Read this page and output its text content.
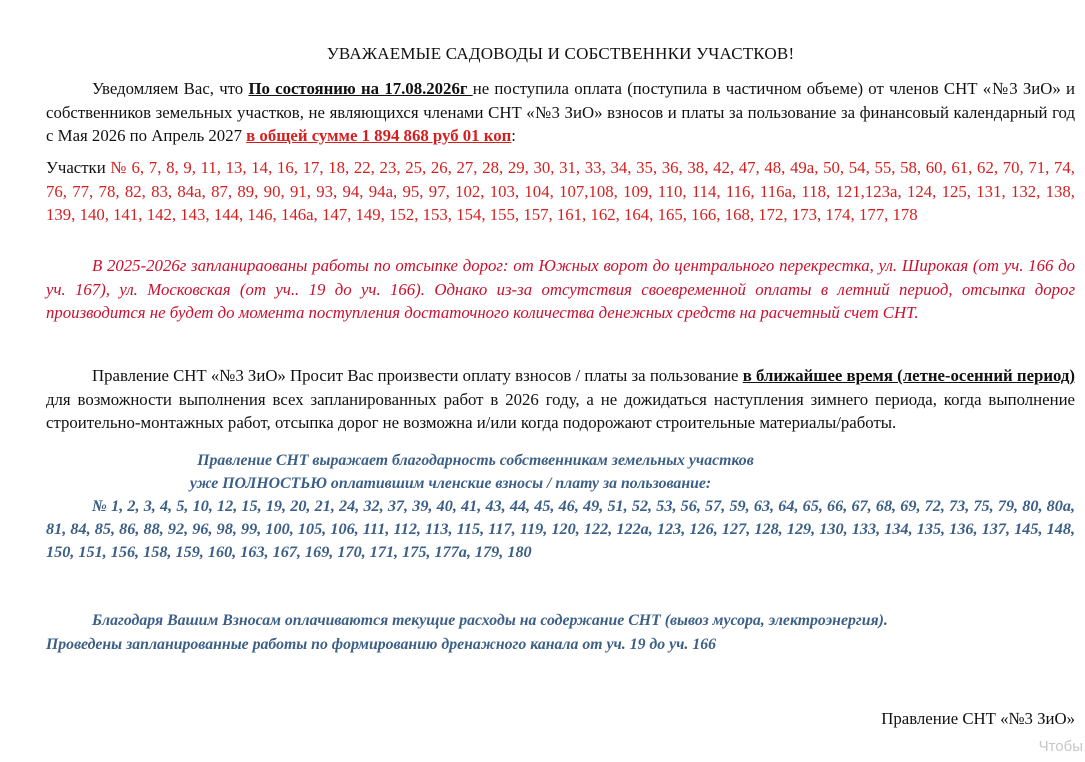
УВАЖАЕМЫЕ САДОВОДЫ И СОБСТВЕННКИ УЧАСТКОВ!
Уведомляем Вас, что По состоянию на 17.08.2026г не поступила оплата (поступила в частичном объеме) от членов СНТ «№3 ЗиО» и собственников земельных участков, не являющихся членами СНТ «№3 ЗиО» взносов и платы за пользование за финансовый календарный год с Мая 2026 по Апрель 2027 в общей сумме 1 894 868 руб 01 коп:
Участки № 6, 7, 8, 9, 11, 13, 14, 16, 17, 18, 22, 23, 25, 26, 27, 28, 29, 30, 31, 33, 34, 35, 36, 38, 42, 47, 48, 49а, 50, 54, 55, 58, 60, 61, 62, 70, 71, 74, 76, 77, 78, 82, 83, 84а, 87, 89, 90, 91, 93, 94, 94а, 95, 97, 102, 103, 104, 107,108, 109, 110, 114, 116, 116а, 118, 121,123а, 124, 125, 131, 132, 138, 139, 140, 141, 142, 143, 144, 146, 146а, 147, 149, 152, 153, 154, 155, 157, 161, 162, 164, 165, 166, 168, 172, 173, 174, 177, 178
В 2025-2026г запланираованы работы по отсыпке дорог: от Южных ворот до центрального перекрестка, ул. Широкая (от уч. 166 до уч. 167), ул. Московская (от уч.. 19 до уч. 166). Однако из-за отсутствия своевременной оплаты в летний период, отсыпка дорог производится не будет до момента поступления достаточного количества денежных средств на расчетный счет СНТ.
Правление СНТ «№3 ЗиО» Просит Вас произвести оплату взносов / платы за пользование в ближайшее время (летне-осенний период) для возможности выполнения всех запланированных работ в 2026 году, а не дожидаться наступления зимнего периода, когда выполнение строительно-монтажных работ, отсыпка дорог не возможна и/или когда подорожают строительные материалы/работы.
Правление СНТ выражает благодарность собственникам земельных участков
уже ПОЛНОСТЬЮ оплатившим членские взносы / плату за пользование:
№ 1, 2, 3, 4, 5, 10, 12, 15, 19, 20, 21, 24, 32, 37, 39, 40, 41, 43, 44, 45, 46, 49, 51, 52, 53, 56, 57, 59, 63, 64, 65, 66, 67, 68, 69, 72, 73, 75, 79, 80, 80а, 81, 84, 85, 86, 88, 92, 96, 98, 99, 100, 105, 106, 111, 112, 113, 115, 117, 119, 120, 122, 122а, 123, 126, 127, 128, 129, 130, 133, 134, 135, 136, 137, 145, 148, 150, 151, 156, 158, 159, 160, 163, 167, 169, 170, 171, 175, 177а, 179, 180
Благодаря Вашим Взносам оплачиваются текущие расходы на содержание СНТ (вывоз мусора, электроэнергия).
Проведены запланированные работы по формированию дренажного канала от уч. 19 до уч. 166
Правление СНТ «№3 ЗиО»
Чтобы
